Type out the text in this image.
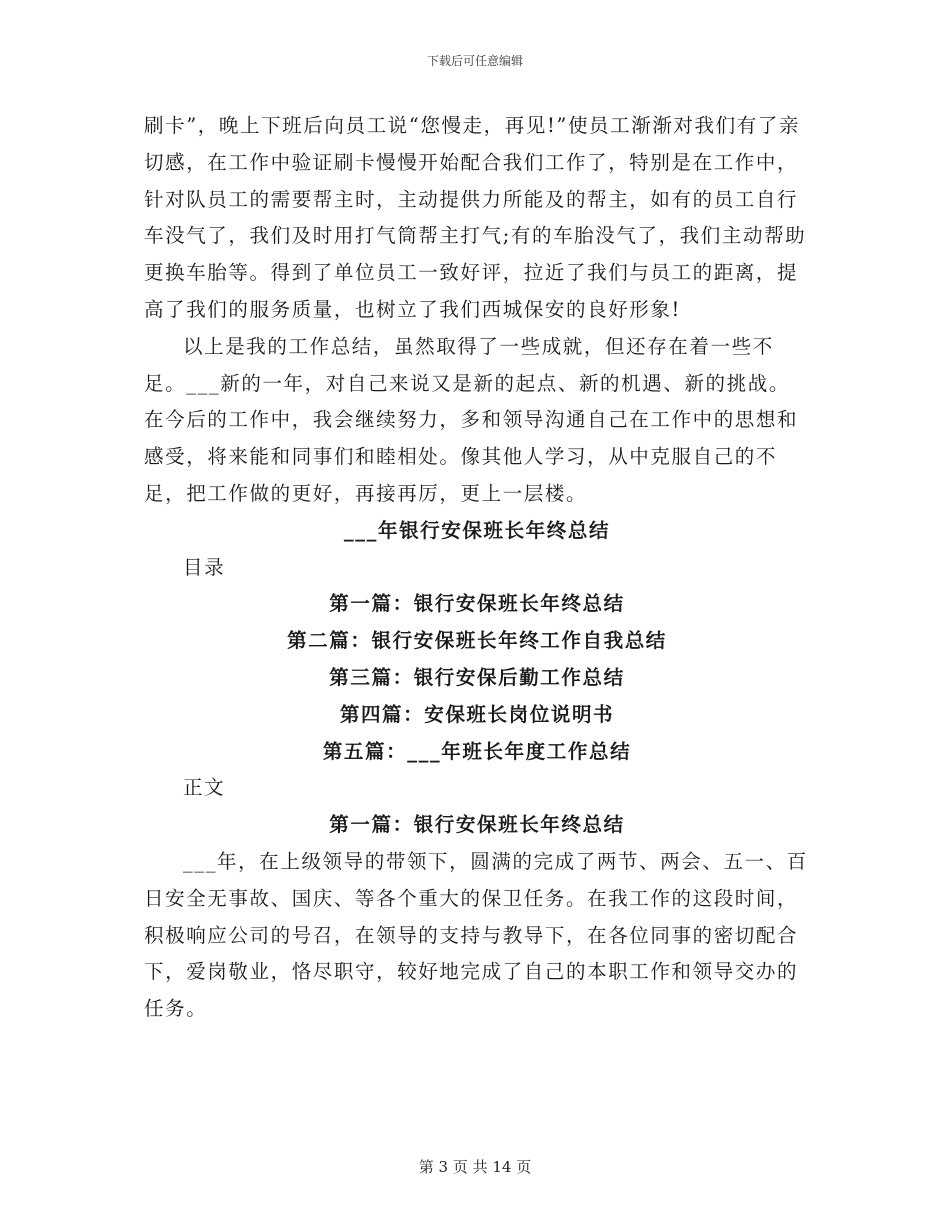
下载后可任意编辑

刷卡”，晚上下班后向员工说“您慢走，再见!”使员工渐渐对我们有了亲切感，在工作中验证刷卡慢慢开始配合我们工作了，特别是在工作中，针对队员工的需要帮主时，主动提供力所能及的帮主，如有的员工自行车没气了，我们及时用打气筒帮主打气;有的车胎没气了，我们主动帮助更换车胎等。得到了单位员工一致好评，拉近了我们与员工的距离，提高了我们的服务质量，也树立了我们西城保安的良好形象!

以上是我的工作总结，虽然取得了一些成就，但还存在着一些不足。___新的一年，对自己来说又是新的起点、新的机遇、新的挑战。在今后的工作中，我会继续努力，多和领导沟通自己在工作中的思想和感受，将来能和同事们和睦相处。像其他人学习，从中克服自己的不足，把工作做的更好，再接再厉，更上一层楼。

___年银行安保班长年终总结

目录

第一篇：银行安保班长年终总结

第二篇：银行安保班长年终工作自我总结

第三篇：银行安保后勤工作总结

第四篇：安保班长岗位说明书

第五篇：___年班长年度工作总结

正文

第一篇：银行安保班长年终总结

___年，在上级领导的带领下，圆满的完成了两节、两会、五一、百日安全无事故、国庆、等各个重大的保卫任务。在我工作的这段时间，积极响应公司的号召，在领导的支持与教导下，在各位同事的密切配合下，爱岗敬业，恪尽职守，较好地完成了自己的本职工作和领导交办的任务。

第 3 页 共 14 页
